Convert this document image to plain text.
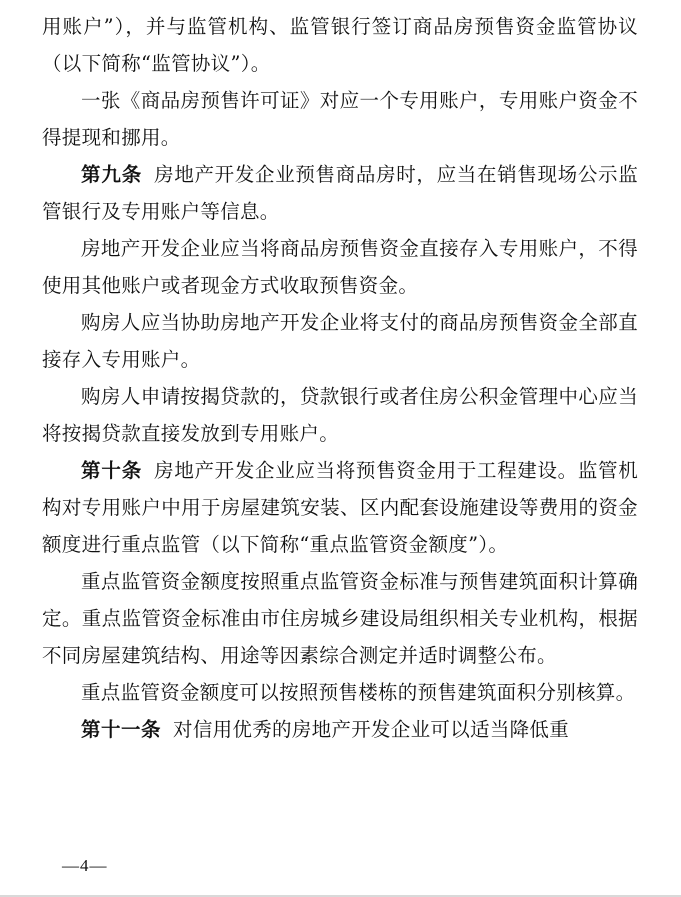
用账户”），并与监管机构、监管银行签订商品房预售资金监管协议（以下简称“监管协议”）。

一张《商品房预售许可证》对应一个专用账户，专用账户资金不得提现和挪用。

第九条 房地产开发企业预售商品房时，应当在销售现场公示监管银行及专用账户等信息。

房地产开发企业应当将商品房预售资金直接存入专用账户，不得使用其他账户或者现金方式收取预售资金。

购房人应当协助房地产开发企业将支付的商品房预售资金全部直接存入专用账户。

购房人申请按揭贷款的，贷款银行或者住房公积金管理中心应当将按揭贷款直接发放到专用账户。

第十条 房地产开发企业应当将预售资金用于工程建设。监管机构对专用账户中用于房屋建筑安装、区内配套设施建设等费用的资金额度进行重点监管（以下简称“重点监管资金额度”）。

重点监管资金额度按照重点监管资金标准与预售建筑面积计算确定。重点监管资金标准由市住房城乡建设局组织相关专业机构，根据不同房屋建筑结构、用途等因素综合测定并适时调整公布。

重点监管资金额度可以按照预售楼栋的预售建筑面积分别核算。

第十一条 对信用优秀的房地产开发企业可以适当降低重

—4—
